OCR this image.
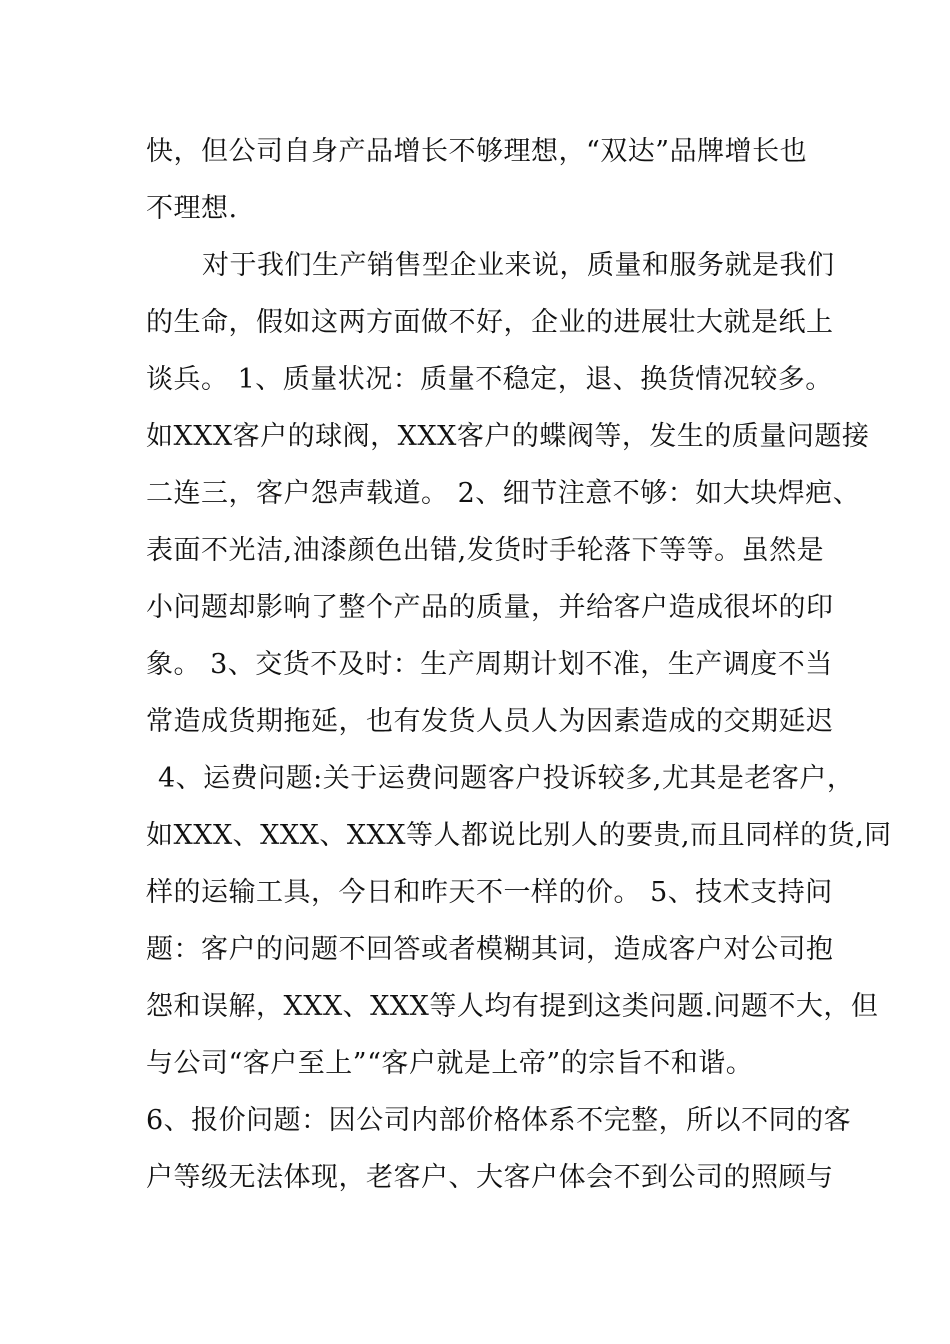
快，但公司自身产品增长不够理想，“双达”品牌增长也
不理想.
对于我们生产销售型企业来说，质量和服务就是我们
的生命，假如这两方面做不好，企业的进展壮大就是纸上
谈兵。 1、质量状况：质量不稳定，退、换货情况较多。
如XXX客户的球阀，XXX客户的蝶阀等，发生的质量问题接
二连三，客户怨声载道。 2、细节注意不够：如大块焊疤、
表面不光洁,油漆颜色出错,发货时手轮落下等等。虽然是
小问题却影响了整个产品的质量，并给客户造成很坏的印
象。 3、交货不及时：生产周期计划不准，生产调度不当
常造成货期拖延，也有发货人员人为因素造成的交期延迟
4、运费问题:关于运费问题客户投诉较多,尤其是老客户，
如XXX、XXX、XXX等人都说比别人的要贵,而且同样的货,同
样的运输工具，今日和昨天不一样的价。 5、技术支持问
题：客户的问题不回答或者模糊其词，造成客户对公司抱
怨和误解，XXX、XXX等人均有提到这类问题.问题不大，但
与公司“客户至上”“客户就是上帝”的宗旨不和谐。
6、报价问题：因公司内部价格体系不完整，所以不同的客
户等级无法体现，老客户、大客户体会不到公司的照顾与
